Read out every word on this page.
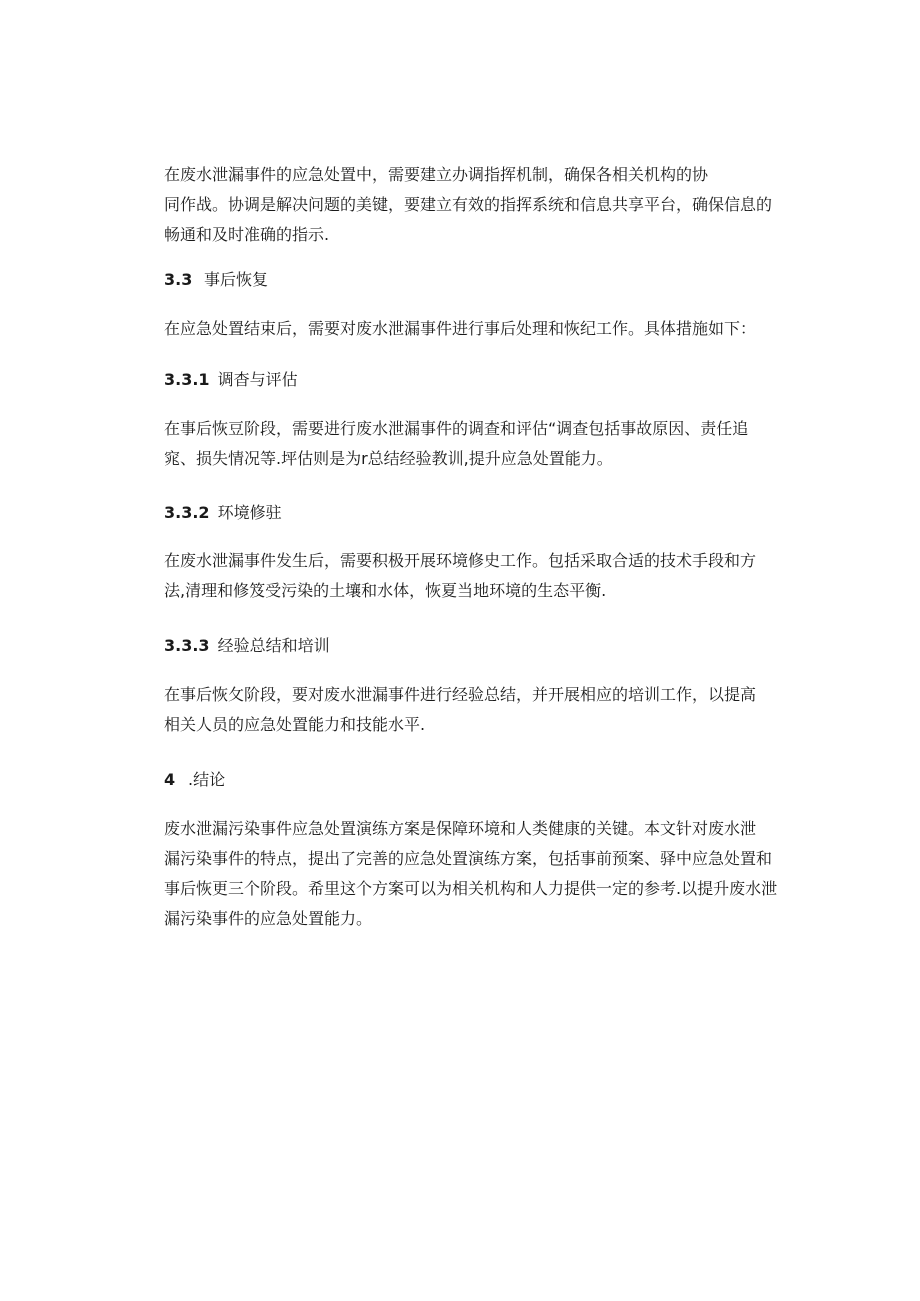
在废水泄漏事件的应急处置中，需要建立办调指挥机制，确保各相关机构的协
同作战。协调是解决问题的美键，要建立有效的指挥系统和信息共享平台，确保信息的
畅通和及时准确的指示.

3.3 事后恢复

在应急处置结束后，需要对废水泄漏事件进行事后处理和恢纪工作。具体措施如下：

3.3.1 调杳与评估

在事后恢豆阶段，需要进行废水泄漏事件的调查和评估“调查包括事故原因、责任追
窕、损失情况等.坪估则是为r总结经验教训,提升应急处置能力。

3.3.2 环境修驻

在废水泄漏事件发生后，需要积极开展环境修史工作。包括采取合适的技术手段和方
法,清理和修笈受污染的土壤和水体，恢夏当地环境的生态平衡.

3.3.3 经验总结和培训

在事后恢攵阶段，要对废水泄漏事件进行经验总结，并开展相应的培训工作，以提高
相关人员的应急处置能力和技能水平.

4 .结论

废水泄漏污染事件应急处置演练方案是保障环境和人类健康的关键。本文针对废水泄
漏污染事件的特点，提出了完善的应急处置演练方案，包括事前预案、驿中应急处置和
事后恢更三个阶段。希里这个方案可以为相关机构和人力提供一定的参考.以提升废水泄
漏污染事件的应急处置能力。
